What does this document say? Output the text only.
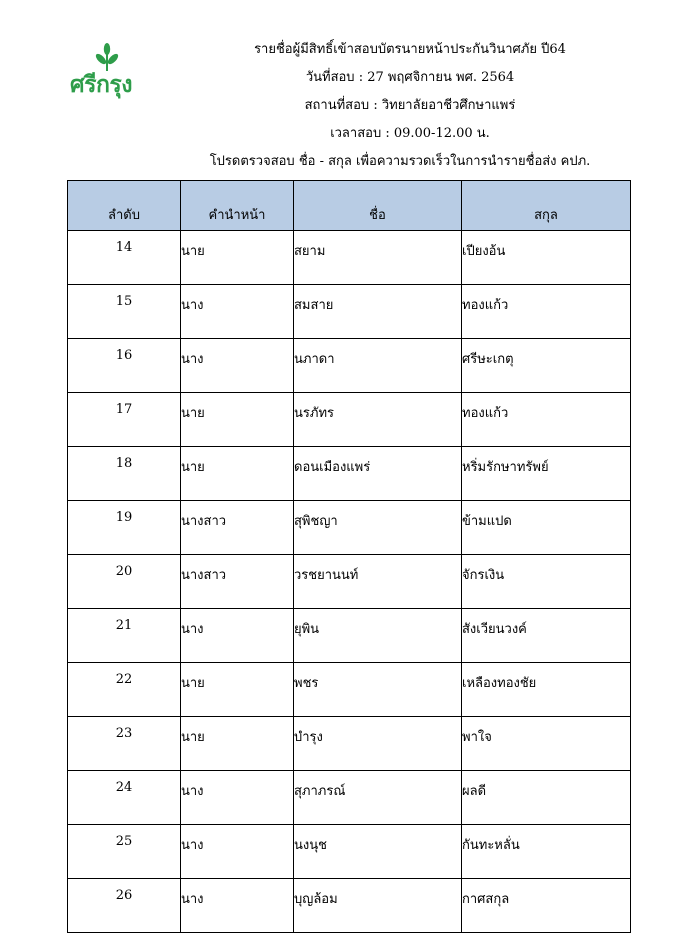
ศรีกรุง
รายชื่อผู้มีสิทธิ์เข้าสอบบัตรนายหน้าประกันวินาศภัย ปี64
วันที่สอบ : 27 พฤศจิกายน พศ. 2564
สถานที่สอบ : วิทยาลัยอาชีวศึกษาแพร่
เวลาสอบ : 09.00-12.00 น.
โปรดตรวจสอบ ชื่อ - สกุล เพื่อความรวดเร็วในการนำรายชื่อส่ง คปภ.
ลำดับ	คำนำหน้า	ชื่อ	สกุล
14	นาย	สยาม	เปียงอ้น
15	นาง	สมสาย	ทองแก้ว
16	นาง	นภาดา	ศรีษะเกตุ
17	นาย	นรภัทร	ทองแก้ว
18	นาย	ดอนเมืองแพร่	หริ่มรักษาทรัพย์
19	นางสาว	สุพิชญา	ข้ามแปด
20	นางสาว	วรชยานนท์	จักรเงิน
21	นาง	ยุพิน	สังเวียนวงค์
22	นาย	พชร	เหลืองทองชัย
23	นาย	บำรุง	พาใจ
24	นาง	สุภาภรณ์	ผลดี
25	นาง	นงนุช	กันทะหลั่น
26	นาง	บุญล้อม	กาศสกุล
